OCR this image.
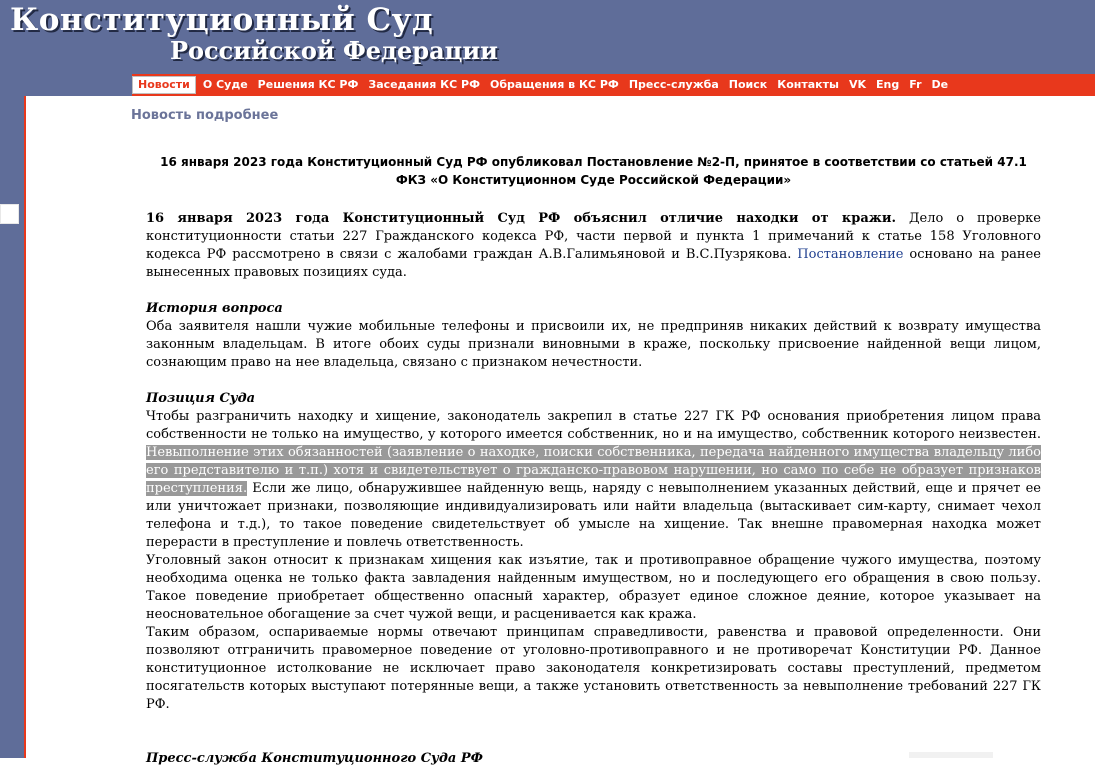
Конституционный Суд
Российской Федерации
Новости	О Суде Решения КС РФ Заседания КС РФ Обращения в КС РФ Пресс-служба Поиск Контакты VK Eng Fr De
Новость подробнее
16 января 2023 года Конституционный Суд РФ опубликовал Постановление №2-П, принятое в соответствии со статьей 47.1 ФКЗ «О Конституционном Суде Российской Федерации»

16 января 2023 года Конституционный Суд РФ объяснил отличие находки от кражи. Дело о проверке конституционности статьи 227 Гражданского кодекса РФ, части первой и пункта 1 примечаний к статье 158 Уголовного кодекса РФ рассмотрено в связи с жалобами граждан А.В.Галимьяновой и В.С.Пузрякова. Постановление основано на ранее вынесенных правовых позициях суда.

История вопроса

Оба заявителя нашли чужие мобильные телефоны и присвоили их, не предприняв никаких действий к возврату имущества законным владельцам. В итоге обоих суды признали виновными в краже, поскольку присвоение найденной вещи лицом, сознающим право на нее владельца, связано с признаком нечестности.

Позиция Суда

Чтобы разграничить находку и хищение, законодатель закрепил в статье 227 ГК РФ основания приобретения лицом права собственности не только на имущество, у которого имеется собственник, но и на имущество, собственник которого неизвестен. Невыполнение этих обязанностей (заявление о находке, поиски собственника, передача найденного имущества владельцу либо его представителю и т.п.) хотя и свидетельствует о гражданско-правовом нарушении, но само по себе не образует признаков преступления. Если же лицо, обнаружившее найденную вещь, наряду с невыполнением указанных действий, еще и прячет ее или уничтожает признаки, позволяющие индивидуализировать или найти владельца (вытаскивает сим-карту, снимает чехол телефона и т.д.), то такое поведение свидетельствует об умысле на хищение. Так внешне правомерная находка может перерасти в преступление и повлечь ответственность.

Уголовный закон относит к признакам хищения как изъятие, так и противоправное обращение чужого имущества, поэтому необходима оценка не только факта завладения найденным имуществом, но и последующего его обращения в свою пользу. Такое поведение приобретает общественно опасный характер, образует единое сложное деяние, которое указывает на неосновательное обогащение за счет чужой вещи, и расценивается как кража.

Таким образом, оспариваемые нормы отвечают принципам справедливости, равенства и правовой определенности. Они позволяют отграничить правомерное поведение от уголовно-противоправного и не противоречат Конституции РФ. Данное конституционное истолкование не исключает право законодателя конкретизировать составы преступлений, предметом посягательств которых выступают потерянные вещи, а также установить ответственность за невыполнение требований 227 ГК РФ.

Пресс-служба Конституционного Суда РФ
